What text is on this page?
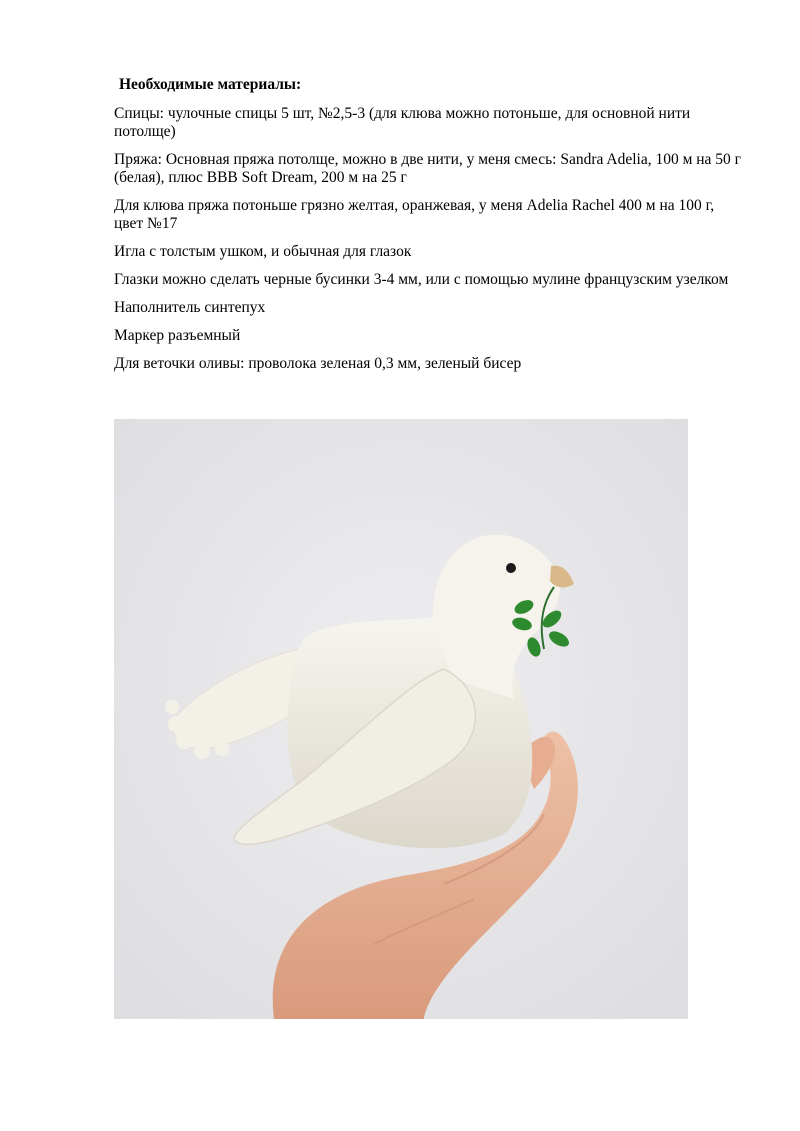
Необходимые материалы:
Спицы: чулочные спицы 5 шт, №2,5-3 (для клюва можно потоньше, для основной нити потолще)
Пряжа: Основная пряжа потолще, можно в две нити, у меня смесь: Sandra Adelia, 100 м на 50 г (белая), плюс BBB Soft Dream, 200 м на 25 г
Для клюва пряжа потоньше грязно желтая, оранжевая, у меня Adelia Rachel 400 м на 100 г, цвет №17
Игла с толстым ушком, и обычная для глазок
Глазки можно сделать черные бусинки 3-4 мм, или с помощью мулине французским узелком
Наполнитель синтепух
Маркер разъемный
Для веточки оливы: проволока зеленая 0,3 мм, зеленый бисер
